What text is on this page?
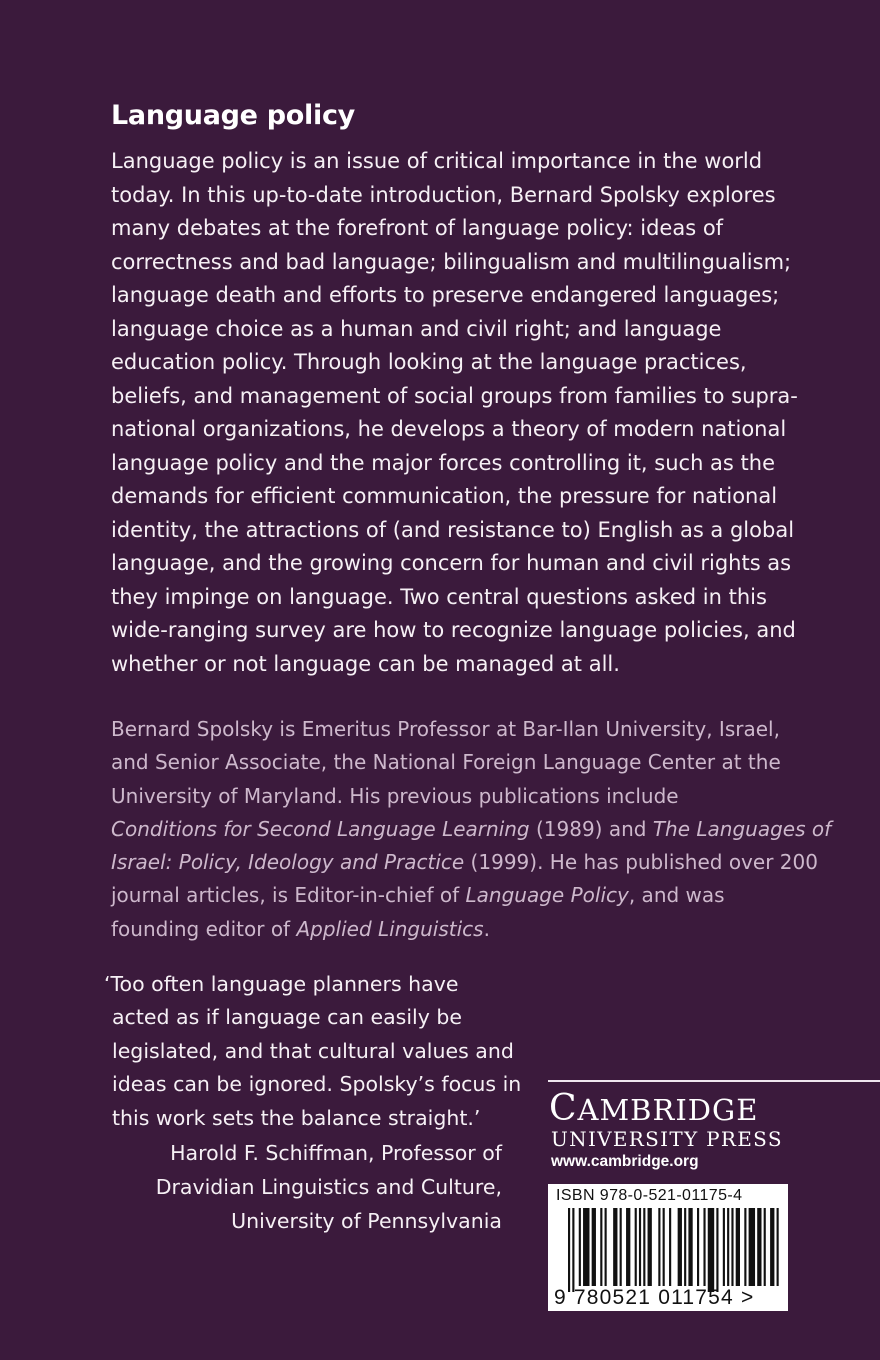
Language policy
Language policy is an issue of critical importance in the world
today. In this up-to-date introduction, Bernard Spolsky explores
many debates at the forefront of language policy: ideas of
correctness and bad language; bilingualism and multilingualism;
language death and efforts to preserve endangered languages;
language choice as a human and civil right; and language
education policy. Through looking at the language practices,
beliefs, and management of social groups from families to supra-
national organizations, he develops a theory of modern national
language policy and the major forces controlling it, such as the
demands for efficient communication, the pressure for national
identity, the attractions of (and resistance to) English as a global
language, and the growing concern for human and civil rights as
they impinge on language. Two central questions asked in this
wide-ranging survey are how to recognize language policies, and
whether or not language can be managed at all.
Bernard Spolsky is Emeritus Professor at Bar-Ilan University, Israel,
and Senior Associate, the National Foreign Language Center at the
University of Maryland. His previous publications include
Conditions for Second Language Learning (1989) and The Languages of
Israel: Policy, Ideology and Practice (1999). He has published over 200
journal articles, is Editor-in-chief of Language Policy, and was
founding editor of Applied Linguistics.
‘Too often language planners have
acted as if language can easily be
legislated, and that cultural values and
ideas can be ignored. Spolsky’s focus in
this work sets the balance straight.’
Harold F. Schiffman, Professor of
Dravidian Linguistics and Culture,
University of Pennsylvania
CAMBRIDGE
UNIVERSITY PRESS
www.cambridge.org
ISBN 978-0-521-01175-4
9 780521 011754 >
